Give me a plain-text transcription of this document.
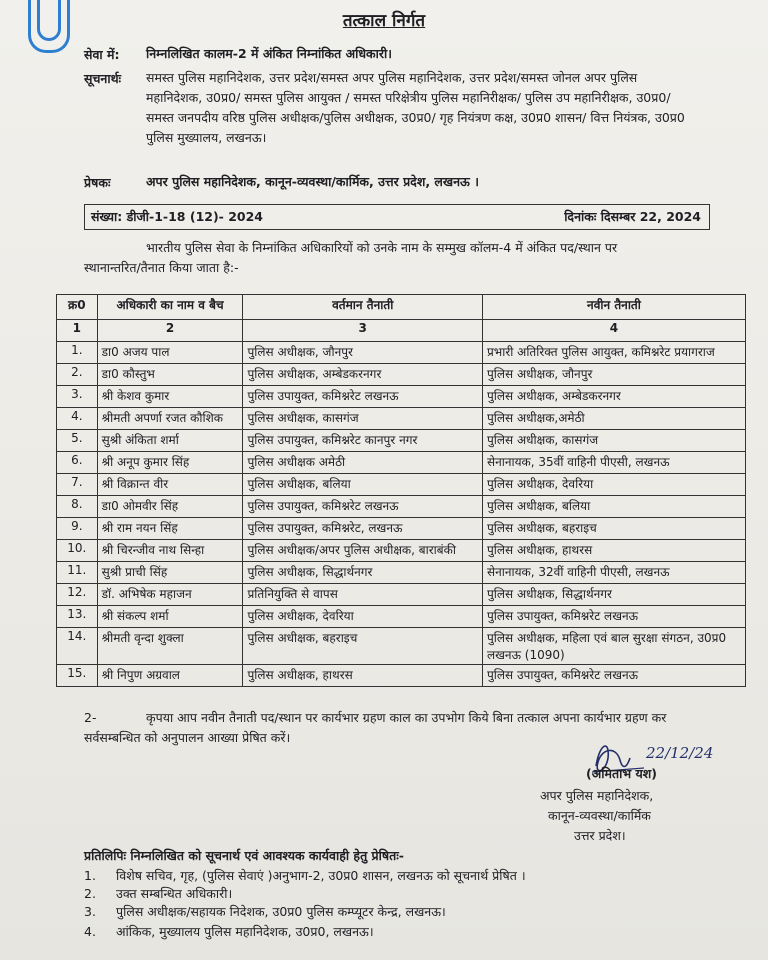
तत्काल निर्गत
सेवा में: निम्नलिखित कालम-2 में अंकित निम्नांकित अधिकारी।
सूचनार्थः समस्त पुलिस महानिदेशक, उत्तर प्रदेश/समस्त अपर पुलिस महानिदेशक, उत्तर प्रदेश/समस्त जोनल अपर पुलिस
महानिदेशक, उ0प्र0/ समस्त पुलिस आयुक्त / समस्त परिक्षेत्रीय पुलिस महानिरीक्षक/ पुलिस उप महानिरीक्षक, उ0प्र0/
समस्त जनपदीय वरिष्ठ पुलिस अधीक्षक/पुलिस अधीक्षक, उ0प्र0/ गृह नियंत्रण कक्ष, उ0प्र0 शासन/ वित्त नियंत्रक, उ0प्र0
पुलिस मुख्यालय, लखनऊ।
प्रेषकः	अपर पुलिस महानिदेशक, कानून-व्यवस्था/कार्मिक, उत्तर प्रदेश, लखनऊ ।
संख्या: डीजी-1-18 (12)- 2024	दिनांकः दिसम्बर 22, 2024
भारतीय पुलिस सेवा के निम्नांकित अधिकारियों को उनके नाम के सम्मुख कॉलम-4 में अंकित पद/स्थान पर
स्थानान्तरित/तैनात किया जाता है:-
क्र0	अधिकारी का नाम व बैच	वर्तमान तैनाती	नवीन तैनाती
1	2	3	4
1.	डा0 अजय पाल	पुलिस अधीक्षक, जौनपुर	प्रभारी अतिरिक्त पुलिस आयुक्त, कमिश्नरेट प्रयागराज
2.	डा0 कौस्तुभ	पुलिस अधीक्षक, अम्बेडकरनगर	पुलिस अधीक्षक, जौनपुर
3.	श्री केशव कुमार	पुलिस उपायुक्त, कमिश्नरेट लखनऊ	पुलिस अधीक्षक, अम्बेडकरनगर
4.	श्रीमती अपर्णा रजत कौशिक	पुलिस अधीक्षक, कासगंज	पुलिस अधीक्षक,अमेठी
5.	सुश्री अंकिता शर्मा	पुलिस उपायुक्त, कमिश्नरेट कानपुर नगर	पुलिस अधीक्षक, कासगंज
6.	श्री अनूप कुमार सिंह	पुलिस अधीक्षक अमेठी	सेनानायक, 35वीं वाहिनी पीएसी, लखनऊ
7.	श्री विक्रान्त वीर	पुलिस अधीक्षक, बलिया	पुलिस अधीक्षक, देवरिया
8.	डा0 ओमवीर सिंह	पुलिस उपायुक्त, कमिश्नरेट लखनऊ	पुलिस अधीक्षक, बलिया
9.	श्री राम नयन सिंह	पुलिस उपायुक्त, कमिश्नरेट, लखनऊ	पुलिस अधीक्षक, बहराइच
10.	श्री चिरन्जीव नाथ सिन्हा	पुलिस अधीक्षक/अपर पुलिस अधीक्षक, बाराबंकी	पुलिस अधीक्षक, हाथरस
11.	सुश्री प्राची सिंह	पुलिस अधीक्षक, सिद्धार्थनगर	सेनानायक, 32वीं वाहिनी पीएसी, लखनऊ
12.	डॉ. अभिषेक महाजन	प्रतिनियुक्ति से वापस	पुलिस अधीक्षक, सिद्धार्थनगर
13.	श्री संकल्प शर्मा	पुलिस अधीक्षक, देवरिया	पुलिस उपायुक्त, कमिश्नरेट लखनऊ
14.	श्रीमती वृन्दा शुक्ला	पुलिस अधीक्षक, बहराइच	पुलिस अधीक्षक, महिला एवं बाल सुरक्षा संगठन, उ0प्र0 लखनऊ (1090)
15.	श्री निपुण अग्रवाल	पुलिस अधीक्षक, हाथरस	पुलिस उपायुक्त, कमिश्नरेट लखनऊ
2-	कृपया आप नवीन तैनाती पद/स्थान पर कार्यभार ग्रहण काल का उपभोग किये बिना तत्काल अपना कार्यभार ग्रहण कर
सर्वसम्बन्धित को अनुपालन आख्या प्रेषित करें।
22/12/24
(अमिताभ यश)
अपर पुलिस महानिदेशक,
कानून-व्यवस्था/कार्मिक
उत्तर प्रदेश।
प्रतिलिपिः निम्नलिखित को सूचनार्थ एवं आवश्यक कार्यवाही हेतु प्रेषितः-
1. विशेष सचिव, गृह, (पुलिस सेवाएं )अनुभाग-2, उ0प्र0 शासन, लखनऊ को सूचनार्थ प्रेषित ।
2. उक्त सम्बन्धित अधिकारी।
3. पुलिस अधीक्षक/सहायक निदेशक, उ0प्र0 पुलिस कम्प्यूटर केन्द्र, लखनऊ।
4. आंकिक, मुख्यालय पुलिस महानिदेशक, उ0प्र0, लखनऊ।
